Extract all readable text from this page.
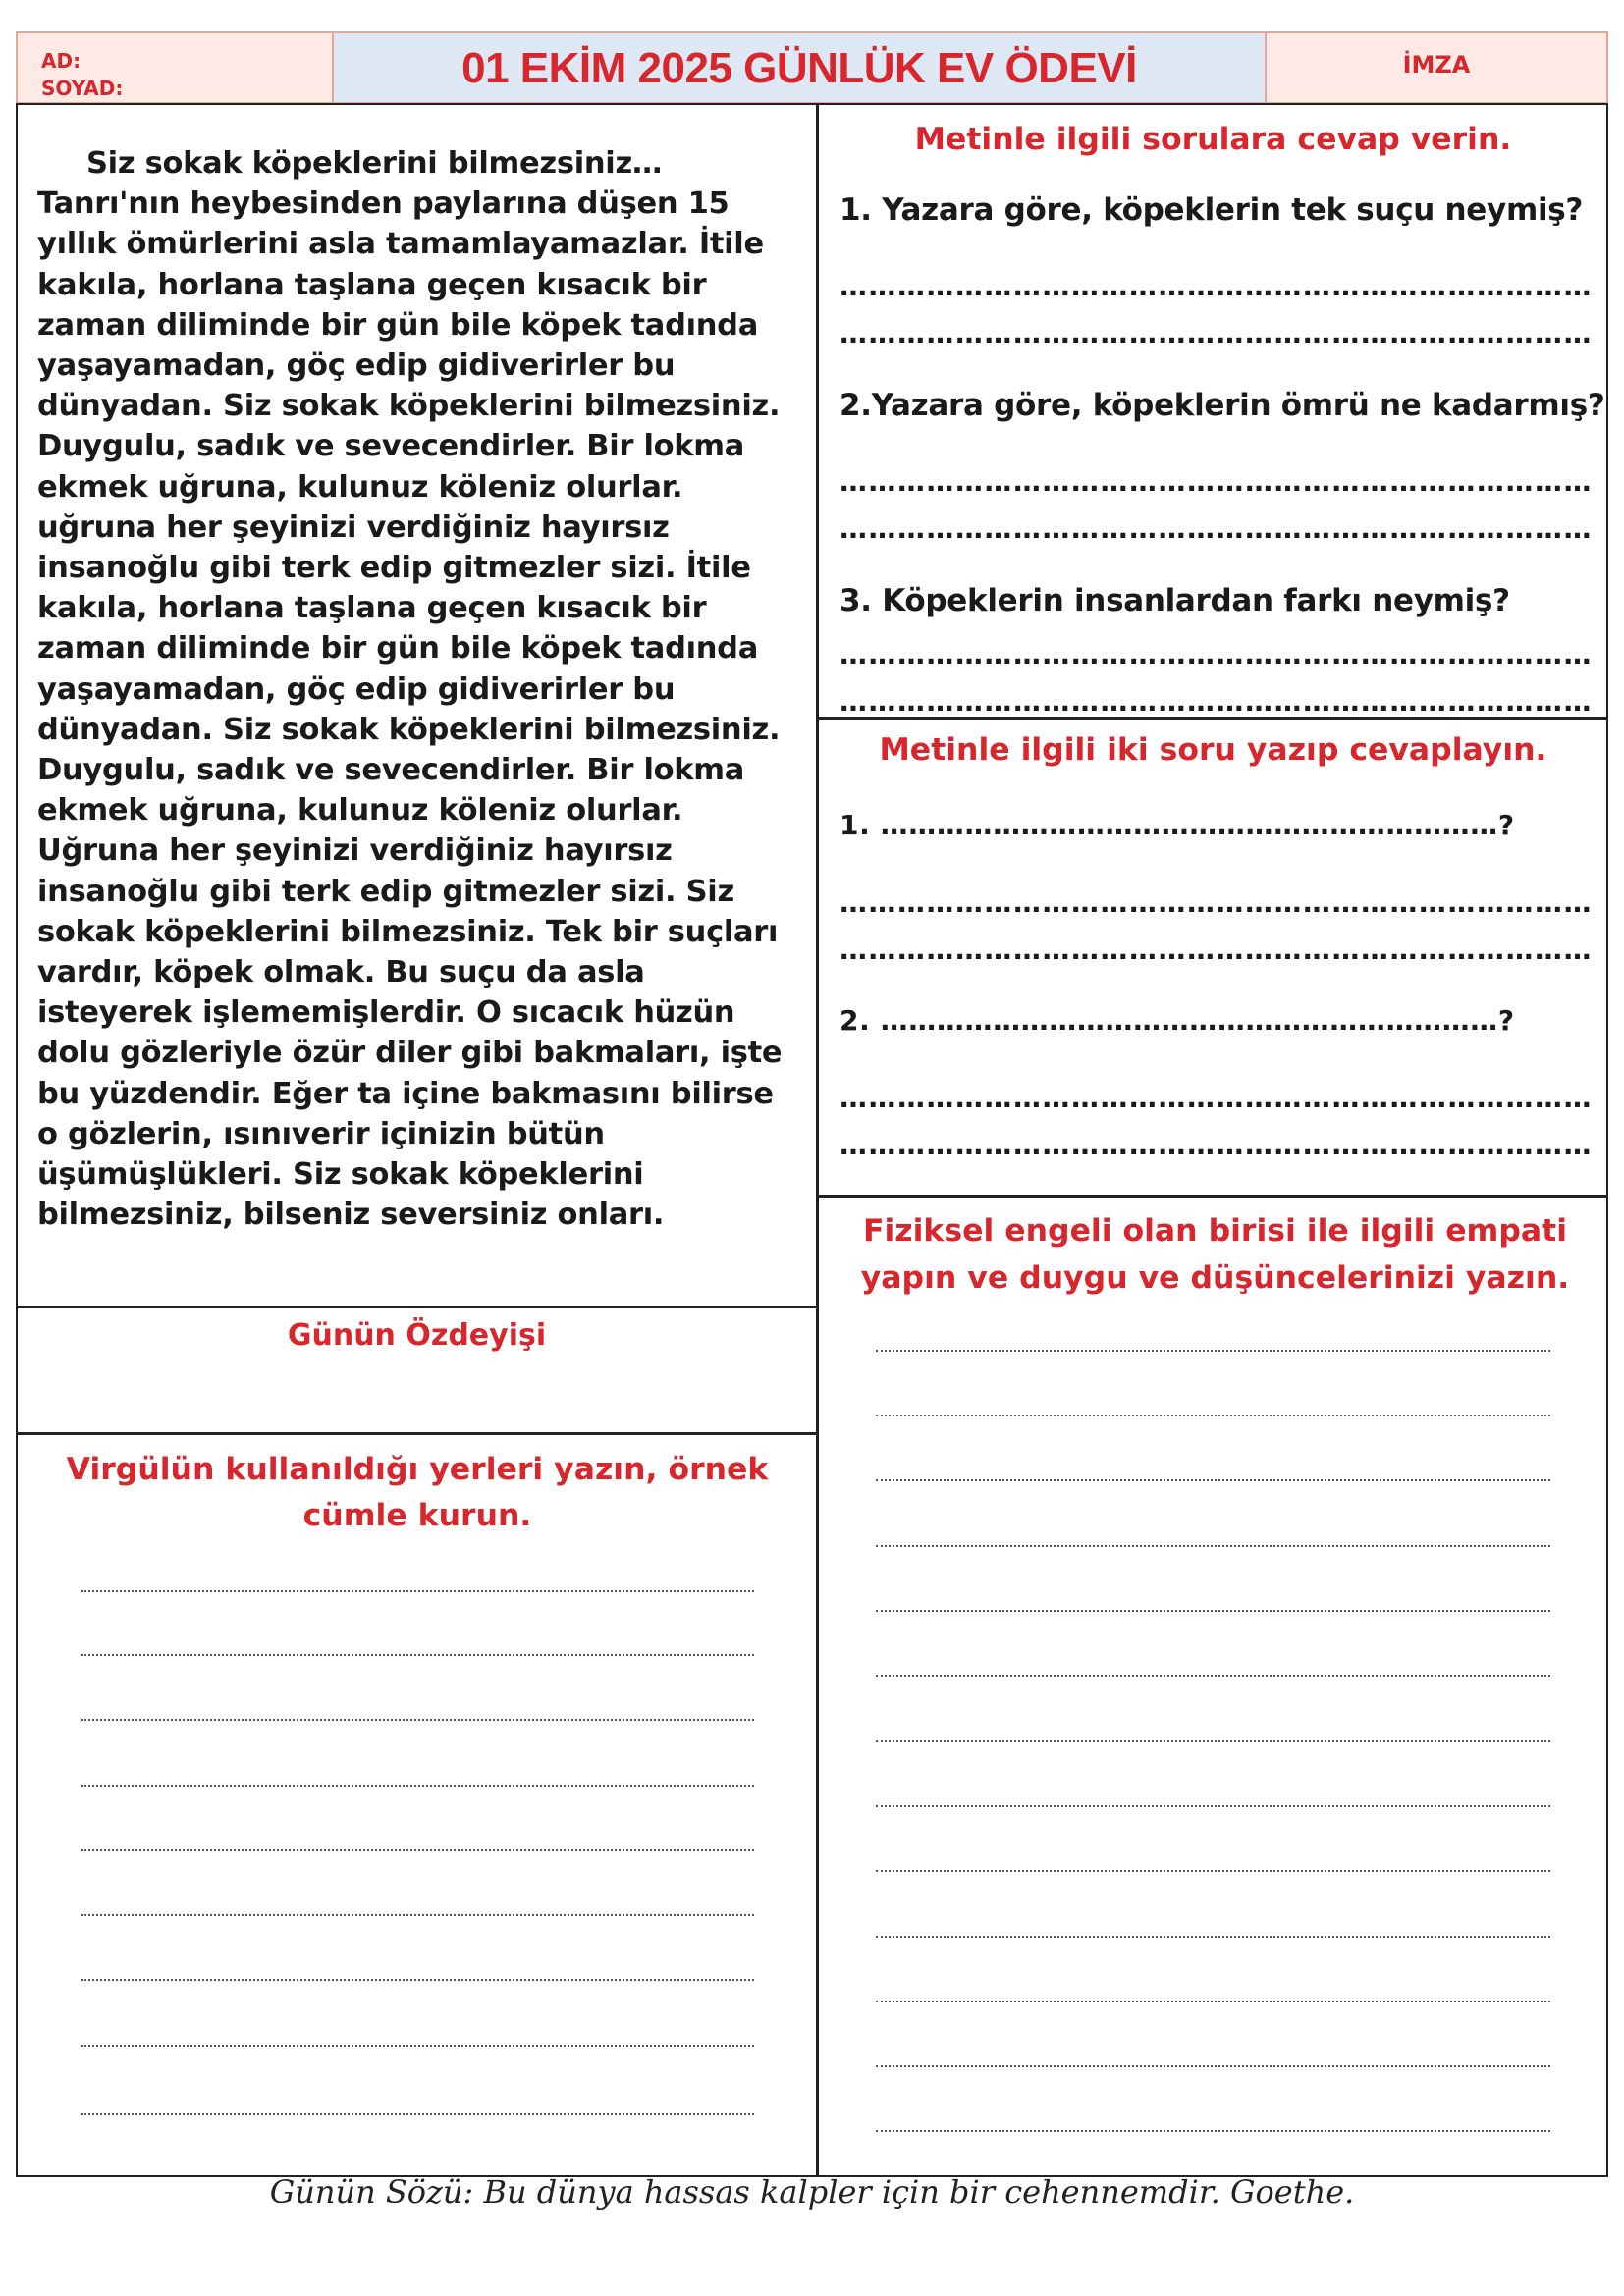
AD:
SOYAD:	01 EKİM 2025 GÜNLÜK EV ÖDEVİ	İMZA
Siz sokak köpeklerini bilmezsiniz… Tanrı'nın heybesinden paylarına düşen 15 yıllık ömürlerini asla tamamlayamazlar. İtile kakıla, horlana taşlana geçen kısacık bir zaman diliminde bir gün bile köpek tadında yaşayamadan, göç edip gidiverirler bu dünyadan. Siz sokak köpeklerini bilmezsiniz. Duygulu, sadık ve sevecendirler. Bir lokma ekmek uğruna, kulunuz köleniz olurlar. uğruna her şeyinizi verdiğiniz hayırsız insanoğlu gibi terk edip gitmezler sizi. İtile kakıla, horlana taşlana geçen kısacık bir zaman diliminde bir gün bile köpek tadında yaşayamadan, göç edip gidiverirler bu dünyadan. Siz sokak köpeklerini bilmezsiniz. Duygulu, sadık ve sevecendirler. Bir lokma ekmek uğruna, kulunuz köleniz olurlar. Uğruna her şeyinizi verdiğiniz hayırsız insanoğlu gibi terk edip gitmezler sizi. Siz sokak köpeklerini bilmezsiniz. Tek bir suçları vardır, köpek olmak. Bu suçu da asla isteyerek işlememişlerdir. O sıcacık hüzün dolu gözleriyle özür diler gibi bakmaları, işte bu yüzdendir. Eğer ta içine bakmasını bilirse o gözlerin, ısınıverir içinizin bütün üşümüşlükleri. Siz sokak köpeklerini bilmezsiniz, bilseniz seversiniz onları.
Günün Özdeyişi
Virgülün kullanıldığı yerleri yazın, örnek cümle kurun.
Metinle ilgili sorulara cevap verin.
1. Yazara göre, köpeklerin tek suçu neymiş?
……………………………………………………………………
……………………………………………………………………
2.Yazara göre, köpeklerin ömrü ne kadarmış?
……………………………………………………………………
……………………………………………………………………
3. Köpeklerin insanlardan farkı neymiş?
……………………………………………………………………
……………………………………………………………………
Metinle ilgili iki soru yazıp cevaplayın.
1. …………………………………………………………?
……………………………………………………………………
……………………………………………………………………
2. …………………………………………………………?
……………………………………………………………………
……………………………………………………………………
Fiziksel engeli olan birisi ile ilgili empati yapın ve duygu ve düşüncelerinizi yazın.
Günün Sözü: Bu dünya hassas kalpler için bir cehennemdir. Goethe.
